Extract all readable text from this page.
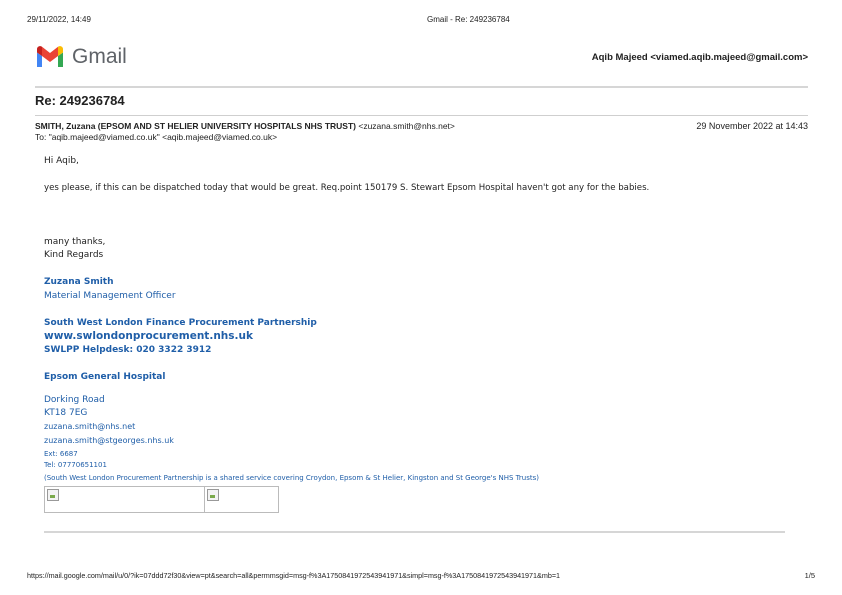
29/11/2022, 14:49	Gmail - Re: 249236784
Gmail	Aqib Majeed <viamed.aqib.majeed@gmail.com>
Re: 249236784
SMITH, Zuzana (EPSOM AND ST HELIER UNIVERSITY HOSPITALS NHS TRUST) <zuzana.smith@nhs.net>	29 November 2022 at 14:43
To: "aqib.majeed@viamed.co.uk" <aqib.majeed@viamed.co.uk>
Hi Aqib,
yes please, if this can be dispatched today that would be great. Req.point 150179 S. Stewart Epsom Hospital haven't got any for the babies.
many thanks,
Kind Regards
Zuzana Smith
Material Management Officer
South West London Finance Procurement Partnership
www.swlondonprocurement.nhs.uk
SWLPP Helpdesk: 020 3322 3912
Epsom General Hospital
Dorking Road
KT18 7EG
zuzana.smith@nhs.net
zuzana.smith@stgeorges.nhs.uk
Ext: 6687
Tel: 07770651101
(South West London Procurement Partnership is a shared service covering Croydon, Epsom & St Helier, Kingston and St George's NHS Trusts)
https://mail.google.com/mail/u/0/?ik=07ddd72f30&view=pt&search=all&permmsgid=msg-f%3A1750841972543941971&simpl=msg-f%3A1750841972543941971&mb=1	1/5
